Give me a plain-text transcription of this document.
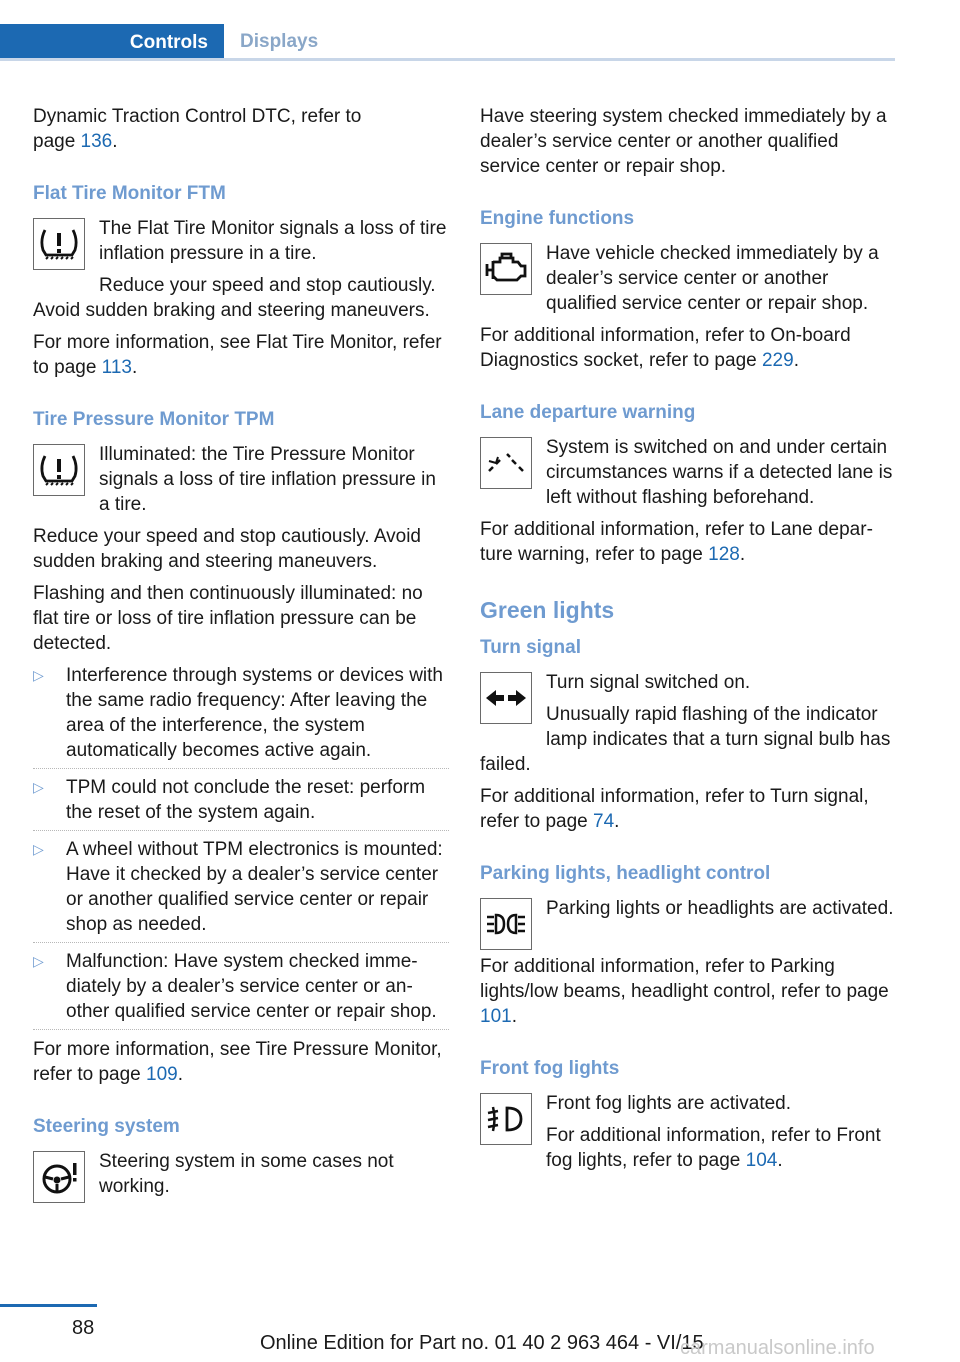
Controls	Displays

Dynamic Traction Control DTC, refer to
page 136.

Flat Tire Monitor FTM

The Flat Tire Monitor signals a loss of tire inflation pressure in a tire.

Reduce your speed and stop cautiously. Avoid sudden braking and steering maneuvers.

For more information, see Flat Tire Monitor, refer to page 113.

Tire Pressure Monitor TPM

Illuminated: the Tire Pressure Monitor signals a loss of tire inflation pressure in a tire.

Reduce your speed and stop cautiously. Avoid sudden braking and steering maneuvers.

Flashing and then continuously illuminated: no flat tire or loss of tire inflation pressure can be detected.

▷ Interference through systems or devices with the same radio frequency: After leaving the area of the interference, the system automatically becomes active again.
▷ TPM could not conclude the reset: perform the reset of the system again.
▷ A wheel without TPM electronics is mounted: Have it checked by a dealer’s service center or another qualified service center or repair shop as needed.
▷ Malfunction: Have system checked immediately by a dealer’s service center or another qualified service center or repair shop.

For more information, see Tire Pressure Monitor, refer to page 109.

Steering system

Steering system in some cases not working.

Have steering system checked immediately by a dealer’s service center or another qualified service center or repair shop.

Engine functions

Have vehicle checked immediately by a dealer’s service center or another qualified service center or repair shop.

For additional information, refer to On-board Diagnostics socket, refer to page 229.

Lane departure warning

System is switched on and under certain circumstances warns if a detected lane is left without flashing beforehand.

For additional information, refer to Lane departure warning, refer to page 128.

Green lights
Turn signal

Turn signal switched on.

Unusually rapid flashing of the indicator lamp indicates that a turn signal bulb has failed.

For additional information, refer to Turn signal, refer to page 74.

Parking lights, headlight control

Parking lights or headlights are activated.

For additional information, refer to Parking lights/low beams, headlight control, refer to page 101.

Front fog lights

Front fog lights are activated.

For additional information, refer to Front fog lights, refer to page 104.

88
Online Edition for Part no. 01 40 2 963 464 - VI/15
carmanualsonline.info
